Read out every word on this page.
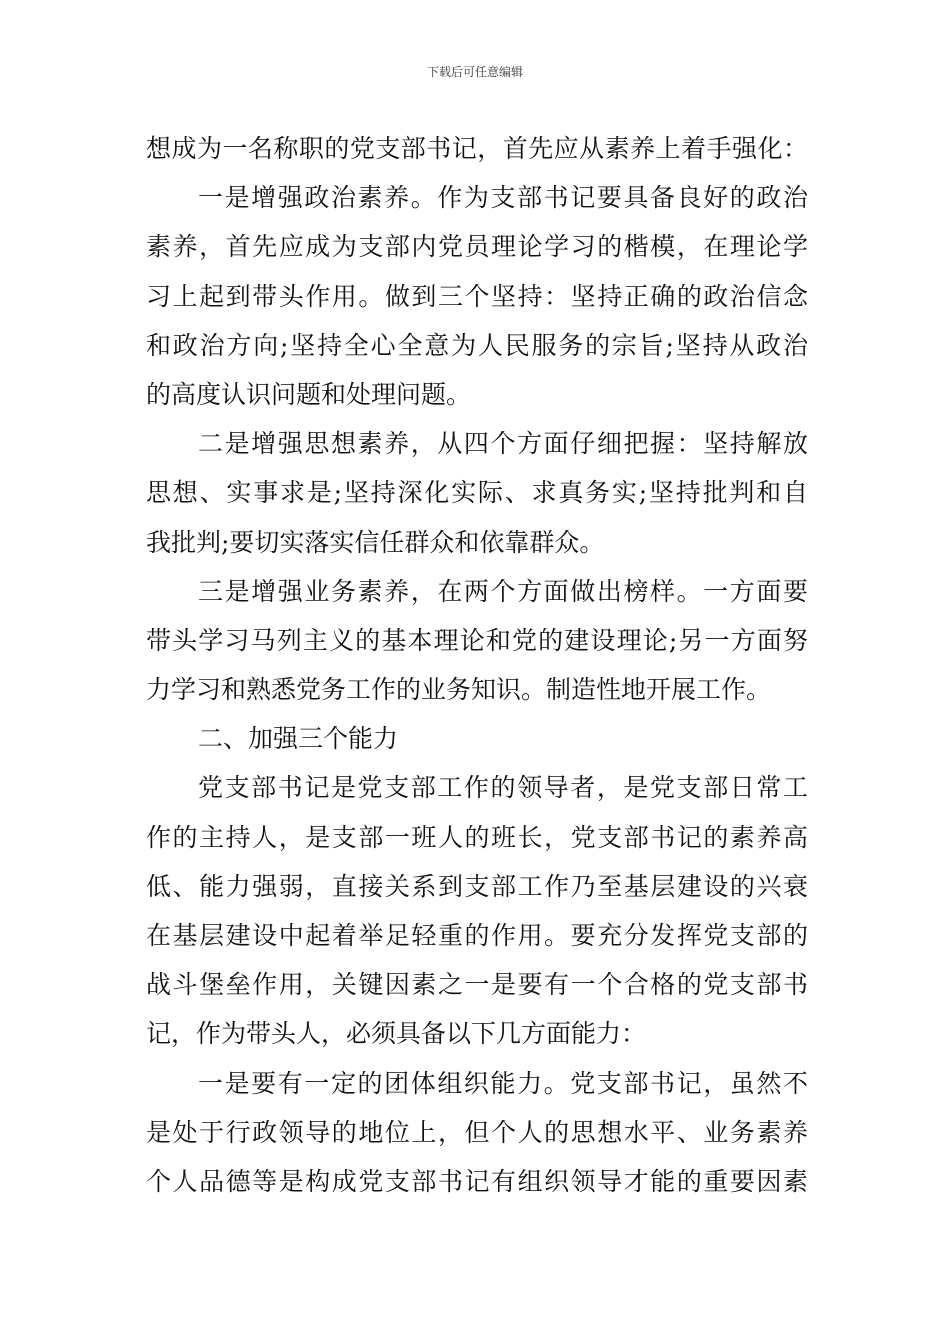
下载后可任意编辑
想成为一名称职的党支部书记，首先应从素养上着手强化：
一是增强政治素养。作为支部书记要具备良好的政治
素养，首先应成为支部内党员理论学习的楷模，在理论学
习上起到带头作用。做到三个坚持：坚持正确的政治信念
和政治方向;坚持全心全意为人民服务的宗旨;坚持从政治
的高度认识问题和处理问题。
二是增强思想素养，从四个方面仔细把握：坚持解放
思想、实事求是;坚持深化实际、求真务实;坚持批判和自
我批判;要切实落实信任群众和依靠群众。
三是增强业务素养，在两个方面做出榜样。一方面要
带头学习马列主义的基本理论和党的建设理论;另一方面努
力学习和熟悉党务工作的业务知识。制造性地开展工作。
二、加强三个能力
党支部书记是党支部工作的领导者，是党支部日常工
作的主持人，是支部一班人的班长，党支部书记的素养高
低、能力强弱，直接关系到支部工作乃至基层建设的兴衰
在基层建设中起着举足轻重的作用。要充分发挥党支部的
战斗堡垒作用，关键因素之一是要有一个合格的党支部书
记，作为带头人，必须具备以下几方面能力：
一是要有一定的团体组织能力。党支部书记，虽然不
是处于行政领导的地位上，但个人的思想水平、业务素养
个人品德等是构成党支部书记有组织领导才能的重要因素
